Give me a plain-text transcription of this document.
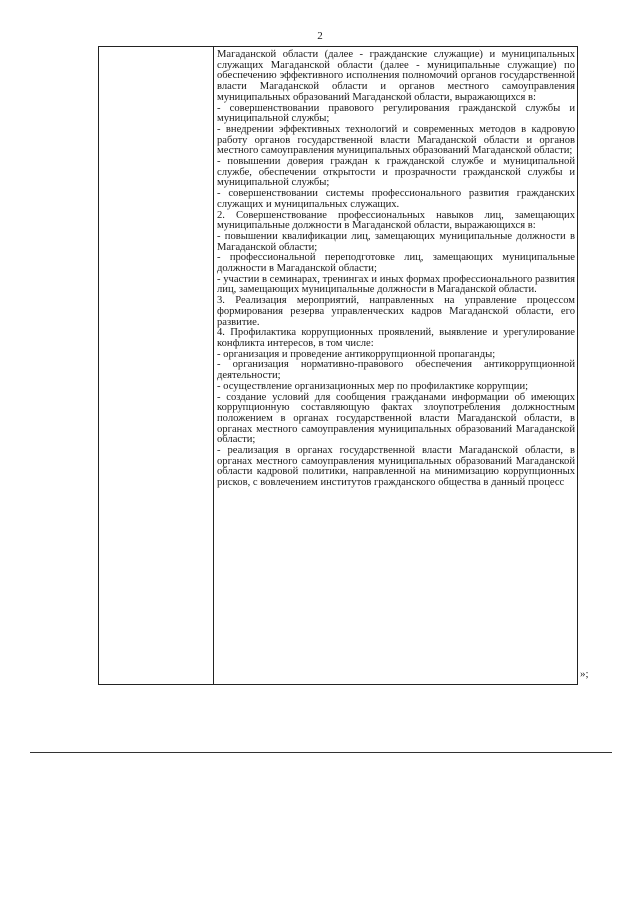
2

Магаданской области (далее - гражданские служащие) и муниципальных служащих Магаданской области (далее - муниципальные служащие) по обеспечению эффективного исполнения полномочий органов государственной власти Магаданской области и органов местного самоуправления муниципальных образований Магаданской области, выражающихся в:

- совершенствовании правового регулирования гражданской службы и муниципальной службы;

- внедрении эффективных технологий и современных методов в кадровую работу органов государственной власти Магаданской области и органов местного самоуправления муниципальных образований Магаданской области;

- повышении доверия граждан к гражданской службе и муниципальной службе, обеспечении открытости и прозрачности гражданской службы и муниципальной службы;

- совершенствовании системы профессионального развития гражданских служащих и муниципальных служащих.

2. Совершенствование профессиональных навыков лиц, замещающих муниципальные должности в Магаданской области, выражающихся в:

- повышении квалификации лиц, замещающих муниципальные должности в Магаданской области;

- профессиональной переподготовке лиц, замещающих муниципальные должности в Магаданской области;

- участии в семинарах, тренингах и иных формах профессионального развития лиц, замещающих муниципальные должности в Магаданской области.

3. Реализация мероприятий, направленных на управление процессом формирования резерва управленческих кадров Магаданской области, его развитие.

4. Профилактика коррупционных проявлений, выявление и урегулирование конфликта интересов, в том числе:

- организация и проведение антикоррупционной пропаганды;

- организация нормативно-правового обеспечения антикоррупционной деятельности;

- осуществление организационных мер по профилактике коррупции;

- создание условий для сообщения гражданами информации об имеющих коррупционную составляющую фактах злоупотребления должностным положением в органах государственной власти Магаданской области, в органах местного самоуправления муниципальных образований Магаданской области;

- реализация в органах государственной власти Магаданской области, в органах местного самоуправления муниципальных образований Магаданской области кадровой политики, направленной на минимизацию коррупционных рисков, с вовлечением институтов гражданского общества в данный процесс

»;
